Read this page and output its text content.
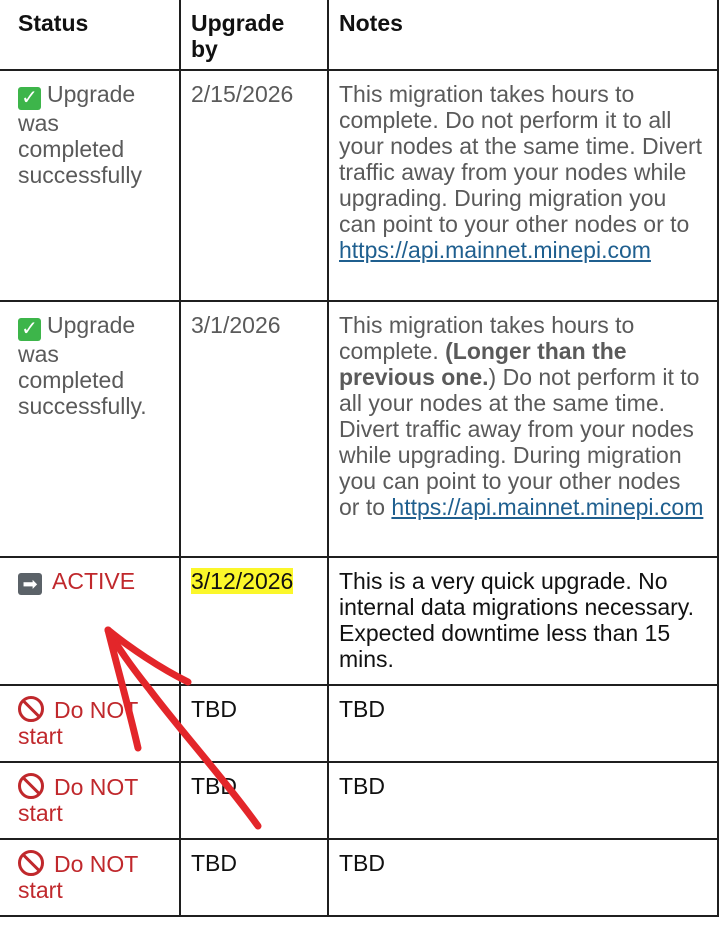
Status	Upgrade by	Notes
✓ Upgrade was completed successfully	2/15/2026	This migration takes hours to complete. Do not perform it to all your nodes at the same time. Divert traffic away from your nodes while upgrading. During migration you can point to your other nodes or to https://api.mainnet.minepi.com
✓ Upgrade was completed successfully.	3/1/2026	This migration takes hours to complete. (Longer than the previous one.) Do not perform it to all your nodes at the same time. Divert traffic away from your nodes while upgrading. During migration you can point to your other nodes or to https://api.mainnet.minepi.com
➡ ACTIVE	3/12/2026	This is a very quick upgrade. No internal data migrations necessary. Expected downtime less than 15 mins.
Do NOT start	TBD	TBD
Do NOT start	TBD	TBD
Do NOT start	TBD	TBD
